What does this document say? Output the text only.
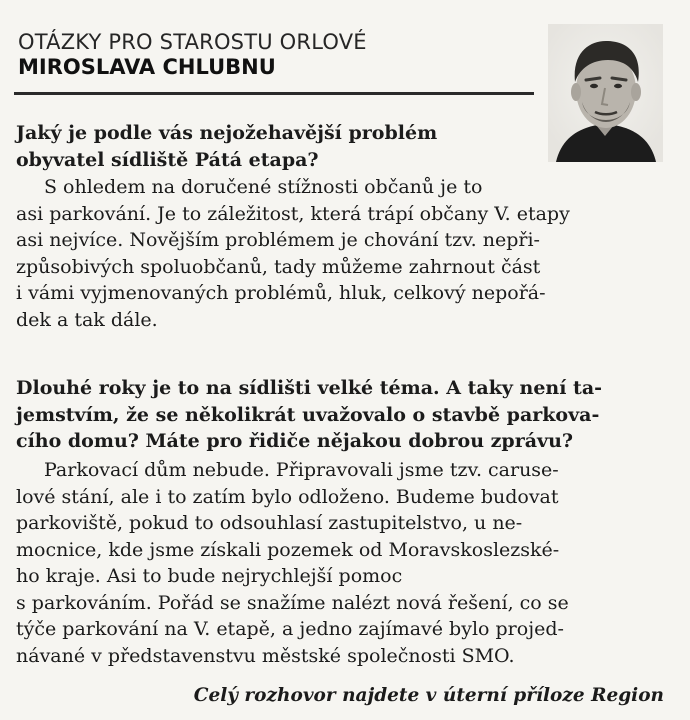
OTÁZKY PRO STAROSTU ORLOVÉ
MIROSLAVA CHLUBNU
Jaký je podle vás nejožehavější problém
obyvatel sídliště Pátá etapa?
S ohledem na doručené stížnosti občanů je to
asi parkování. Je to záležitost, která trápí občany V. etapy
asi nejvíce. Novějším problémem je chování tzv. nepři-
způsobivých spoluobčanů, tady můžeme zahrnout část
i vámi vyjmenovaných problémů, hluk, celkový nepořá-
dek a tak dále.
Dlouhé roky je to na sídlišti velké téma. A taky není ta-
jemstvím, že se několikrát uvažovalo o stavbě parkova-
cího domu? Máte pro řidiče nějakou dobrou zprávu?
Parkovací dům nebude. Připravovali jsme tzv. caruse-
lové stání, ale i to zatím bylo odloženo. Budeme budovat
parkoviště, pokud to odsouhlasí zastupitelstvo, u ne-
mocnice, kde jsme získali pozemek od Moravskoslezské-
ho kraje. Asi to bude nejrychlejší pomoc
s parkováním. Pořád se snažíme nalézt nová řešení, co se
týče parkování na V. etapě, a jedno zajímavé bylo projed-
návané v představenstvu městské společnosti SMO.
Celý rozhovor najdete v úterní příloze Region
